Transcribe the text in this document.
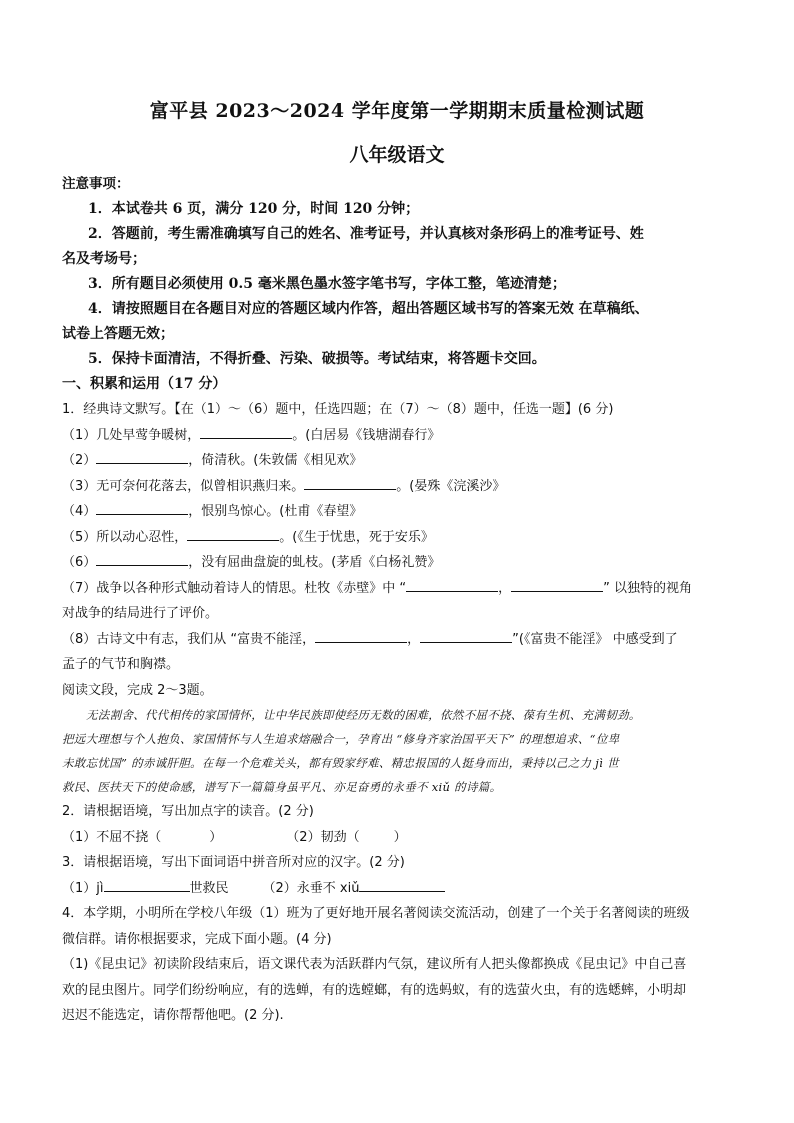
富平县 2023～2024 学年度第一学期期末质量检测试题
八年级语文
注意事项：
1．本试卷共 6 页，满分 120 分，时间 120 分钟；
2．答题前，考生需准确填写自己的姓名、准考证号，并认真核对条形码上的准考证号、姓
名及考场号；
3．所有题目必须使用 0.5 毫米黑色墨水签字笔书写，字体工整，笔迹清楚；
4．请按照题目在各题目对应的答题区域内作答，超出答题区域书写的答案无效 在草稿纸、
试卷上答题无效；
5．保持卡面清洁，不得折叠、污染、破损等。考试结束，将答题卡交回。
一、积累和运用（17 分）
1．经典诗文默写。【在（1）～（6）题中，任选四题；在（7）～（8）题中，任选一题】(6 分)
（1）几处早莺争暖树，	。(白居易《钱塘湖春行》
（2）	，倚清秋。(朱敦儒《相见欢》
（3）无可奈何花落去，似曾相识燕归来。	。(晏殊《浣溪沙》
（4）	，恨别鸟惊心。(杜甫《春望》
（5）所以动心忍性，	。(《生于忧患，死于安乐》
（6）	，没有屈曲盘旋的虬枝。(茅盾《白杨礼赞》
（7）战争以各种形式触动着诗人的情思。杜牧《赤壁》中 “	，	” 以独特的视角
对战争的结局进行了评价。
（8）古诗文中有志，我们从 “富贵不能淫，	，	”(《富贵不能淫》 中感受到了
孟子的气节和胸襟。
阅读文段，完成 2～3题。
无法割舍、代代相传的家国情怀，让中华民族即使经历无数的困难，依然不屈不挠、葆有生机、充满韧劲。
把远大理想与个人抱负、家国情怀与人生追求熔融合一，孕育出 “修身齐家治国平天下” 的理想追求、“位卑
未敢忘忧国” 的赤诚肝胆。在每一个危难关头，都有毁家纾难、精忠报国的人挺身而出，秉持以己之力 jì 世
救民、医扶天下的使命感，谱写下一篇篇身虽平凡、亦足奋勇的永垂不 xiǔ 的诗篇。
2．请根据语境，写出加点字的读音。(2 分)
（1）不屈不挠（	）	（2）韧劲（	）
3．请根据语境，写出下面词语中拼音所对应的汉字。(2 分)
（1）jì	世救民	（2）永垂不 xiǔ
4．本学期，小明所在学校八年级（1）班为了更好地开展名著阅读交流活动，创建了一个关于名著阅读的班级
微信群。请你根据要求，完成下面小题。(4 分)
（1)《昆虫记》初读阶段结束后，语文课代表为活跃群内气氛，建议所有人把头像都换成《昆虫记》中自己喜
欢的昆虫图片。同学们纷纷响应，有的选蝉，有的选螳螂，有的选蚂蚁，有的选萤火虫，有的选蟋蟀，小明却
迟迟不能选定，请你帮帮他吧。(2 分).
